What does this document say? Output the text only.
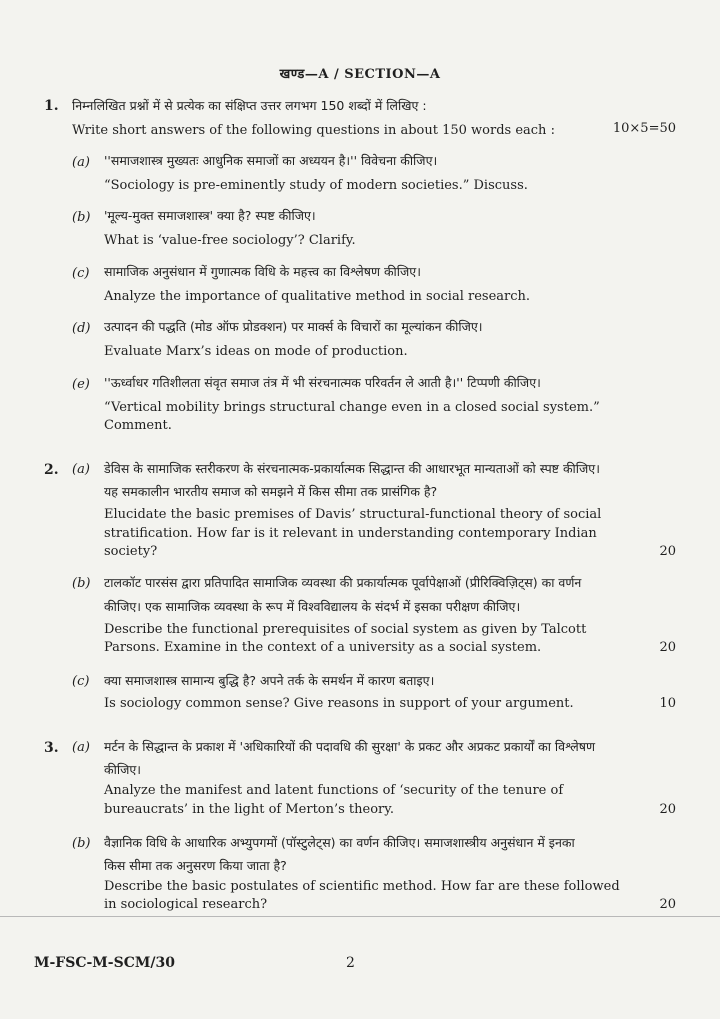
खण्ड—A / SECTION—A
1. निम्नलिखित प्रश्नों में से प्रत्येक का संक्षिप्त उत्तर लगभग 150 शब्दों में लिखिए :
Write short answers of the following questions in about 150 words each :	10×5=50
(a) ''समाजशास्त्र मुख्यतः आधुनिक समाजों का अध्ययन है।'' विवेचना कीजिए।
“Sociology is pre-eminently study of modern societies.” Discuss.
(b) 'मूल्य-मुक्त समाजशास्त्र' क्या है? स्पष्ट कीजिए।
What is ‘value-free sociology’? Clarify.
(c) सामाजिक अनुसंधान में गुणात्मक विधि के महत्त्व का विश्लेषण कीजिए।
Analyze the importance of qualitative method in social research.
(d) उत्पादन की पद्धति (मोड ऑफ प्रोडक्शन) पर मार्क्स के विचारों का मूल्यांकन कीजिए।
Evaluate Marx’s ideas on mode of production.
(e) ''ऊर्ध्वाधर गतिशीलता संवृत समाज तंत्र में भी संरचनात्मक परिवर्तन ले आती है।'' टिप्पणी कीजिए।
“Vertical mobility brings structural change even in a closed social system.”
Comment.
2. (a) डेविस के सामाजिक स्तरीकरण के संरचनात्मक-प्रकार्यात्मक सिद्धान्त की आधारभूत मान्यताओं को स्पष्ट कीजिए।
यह समकालीन भारतीय समाज को समझने में किस सीमा तक प्रासंगिक है?
Elucidate the basic premises of Davis’ structural-functional theory of social
stratification. How far is it relevant in understanding contemporary Indian
society?	20
(b) टालकॉट पारसंस द्वारा प्रतिपादित सामाजिक व्यवस्था की प्रकार्यात्मक पूर्वापेक्षाओं (प्रीरिक्विज़िट्स) का वर्णन
कीजिए। एक सामाजिक व्यवस्था के रूप में विश्वविद्यालय के संदर्भ में इसका परीक्षण कीजिए।
Describe the functional prerequisites of social system as given by Talcott
Parsons. Examine in the context of a university as a social system.	20
(c) क्या समाजशास्त्र सामान्य बुद्धि है? अपने तर्क के समर्थन में कारण बताइए।
Is sociology common sense? Give reasons in support of your argument.	10
3. (a) मर्टन के सिद्धान्त के प्रकाश में 'अधिकारियों की पदावधि की सुरक्षा' के प्रकट और अप्रकट प्रकार्यों का विश्लेषण
कीजिए।
Analyze the manifest and latent functions of ‘security of the tenure of
bureaucrats’ in the light of Merton’s theory.	20
(b) वैज्ञानिक विधि के आधारिक अभ्युपगमों (पॉस्टुलेट्स) का वर्णन कीजिए। समाजशास्त्रीय अनुसंधान में इनका
किस सीमा तक अनुसरण किया जाता है?
Describe the basic postulates of scientific method. How far are these followed
in sociological research?	20
M-FSC-M-SCM/30	2
